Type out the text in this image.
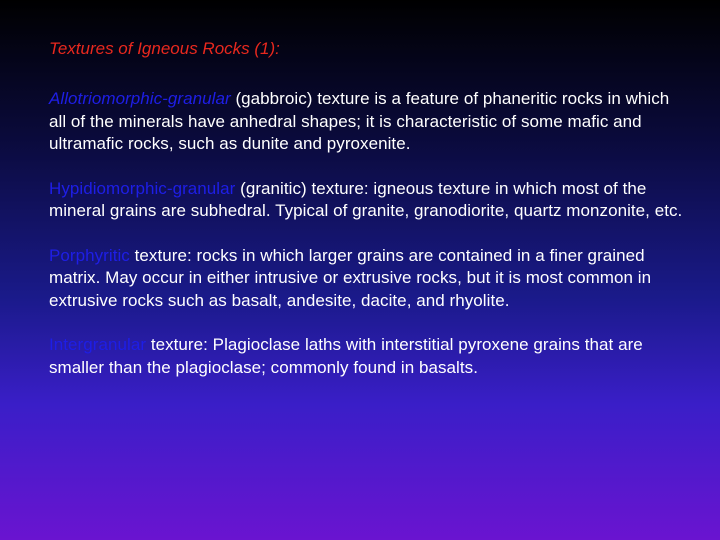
Textures of Igneous Rocks (1):

Allotriomorphic-granular (gabbroic) texture is a feature of phaneritic rocks in which all of the minerals have anhedral shapes; it is characteristic of some mafic and ultramafic rocks, such as dunite and pyroxenite.

Hypidiomorphic-granular (granitic) texture: igneous texture in which most of the mineral grains are subhedral. Typical of granite, granodiorite, quartz monzonite, etc.

Porphyritic texture: rocks in which larger grains are contained in a finer grained matrix. May occur in either intrusive or extrusive rocks, but it is most common in extrusive rocks such as basalt, andesite, dacite, and rhyolite.

Intergranular texture: Plagioclase laths with interstitial pyroxene grains that are smaller than the plagioclase; commonly found in basalts.
